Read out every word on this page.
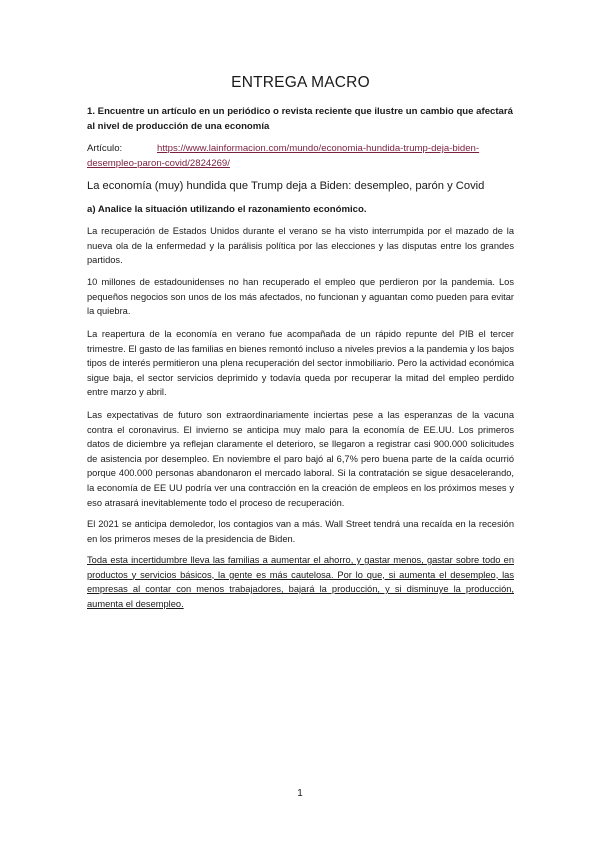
ENTREGA MACRO
1. Encuentre un artículo en un periódico o revista reciente que ilustre un cambio que afectará al nivel de producción de una economía
Artículo:	https://www.lainformacion.com/mundo/economia-hundida-trump-deja-biden-desempleo-paron-covid/2824269/
La economía (muy) hundida que Trump deja a Biden: desempleo, parón y Covid
a) Analice la situación utilizando el razonamiento económico.
La recuperación de Estados Unidos durante el verano se ha visto interrumpida por el mazado de la nueva ola de la enfermedad y la parálisis política por las elecciones y las disputas entre los grandes partidos.
10 millones de estadounidenses no han recuperado el empleo que perdieron por la pandemia. Los pequeños negocios son unos de los más afectados, no funcionan y aguantan como pueden para evitar la quiebra.
La reapertura de la economía en verano fue acompañada de un rápido repunte del PIB el tercer trimestre. El gasto de las familias en bienes remontó incluso a niveles previos a la pandemia y los bajos tipos de interés permitieron una plena recuperación del sector inmobiliario. Pero la actividad económica sigue baja, el sector servicios deprimido y todavía queda por recuperar la mitad del empleo perdido entre marzo y abril.
Las expectativas de futuro son extraordinariamente inciertas pese a las esperanzas de la vacuna contra el coronavirus. El invierno se anticipa muy malo para la economía de EE.UU. Los primeros datos de diciembre ya reflejan claramente el deterioro, se llegaron a registrar casi 900.000 solicitudes de asistencia por desempleo. En noviembre el paro bajó al 6,7% pero buena parte de la caída ocurrió porque 400.000 personas abandonaron el mercado laboral. Si la contratación se sigue desacelerando, la economía de EE UU podría ver una contracción en la creación de empleos en los próximos meses y eso atrasará inevitablemente todo el proceso de recuperación.
El 2021 se anticipa demoledor, los contagios van a más. Wall Street tendrá una recaída en la recesión en los primeros meses de la presidencia de Biden.
Toda esta incertidumbre lleva las familias a aumentar el ahorro, y gastar menos, gastar sobre todo en productos y servicios básicos, la gente es más cautelosa. Por lo que, si aumenta el desempleo, las empresas al contar con menos trabajadores, bajará la producción, y si disminuye la producción, aumenta el desempleo.
1
